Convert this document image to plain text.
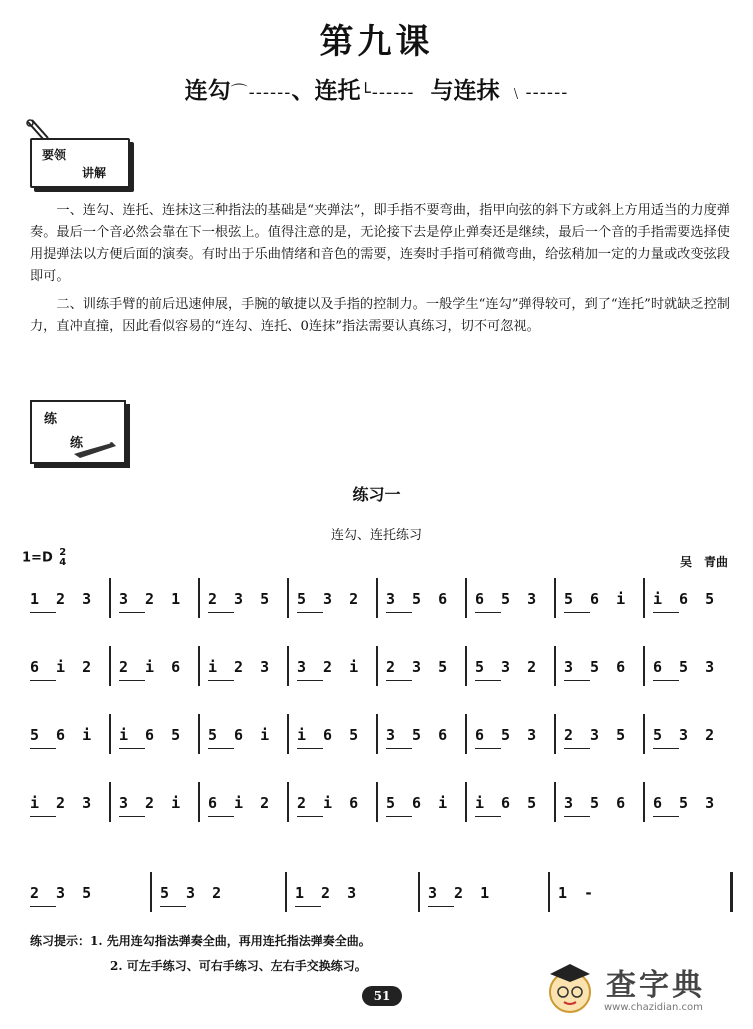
第九课
连勾⌒------、连托└------ 与连抹 ﹨------
要领
讲解
一、连勾、连托、连抹这三种指法的基础是“夹弹法”，即手指不要弯曲，指甲向弦的斜下方或斜上方用适当的力度弹奏。最后一个音必然会靠在下一根弦上。值得注意的是，无论接下去是停止弹奏还是继续，最后一个音的手指需要选择使用提弹法以方便后面的演奏。有时出于乐曲情绪和音色的需要，连奏时手指可稍微弯曲，给弦稍加一定的力量或改变弦段即可。
二、训练手臂的前后迅速伸展，手腕的敏捷以及手指的控制力。一般学生“连勾”弹得较可，到了“连托”时就缺乏控制力，直冲直撞，因此看似容易的“连勾、连托、0连抹”指法需要认真练习，切不可忽视。
练
练
练习一
连勾、连托练习
1=D 2
4	吴　青曲
1 2 3 3 2 1 2 3 5 5 3 2 3 5 6 6 5 3 5 6 i i 6 5
6 i 2 2 i 6 i 2 3 3 2 i 2 3 5 5 3 2 3 5 6 6 5 3
5 6 i i 6 5 5 6 i i 6 5 3 5 6 6 5 3 2 3 5 5 3 2
i 2 3 3 2 i 6 i 2 2 i 6 5 6 i i 6 5 3 5 6 6 5 3
2 3 5	5 3 2	1 2 3	3 2 1	1 -
练习提示：1. 先用连勾指法弹奏全曲，再用连托指法弹奏全曲。
2. 可左手练习、可右手练习、左右手交换练习。
51	查字典
www.chazidian.com
